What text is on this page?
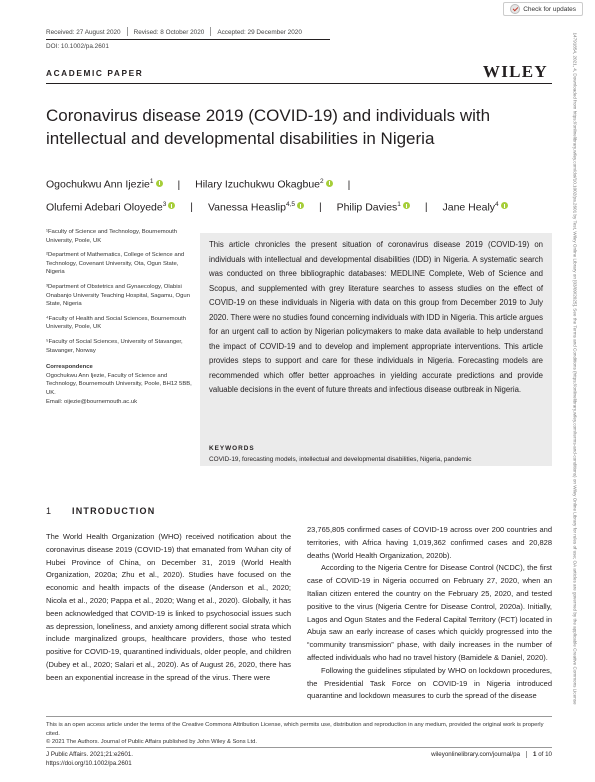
Received: 27 August 2020 Revised: 8 October 2020 Accepted: 29 December 2020
DOI: 10.1002/pa.2601
Check for updates
ACADEMIC PAPER	WILEY
Coronavirus disease 2019 (COVID-19) and individuals with intellectual and developmental disabilities in Nigeria
Ogochukwu Ann Ijezie$^1$ | Hilary Izuchukwu Okagbue$^2$ |
Olufemi Adebari Oloyede$^3$ | Vanessa Heaslip$^{4,5}$ | Philip Davies$^1$ | Jane Healy$^4$

¹Faculty of Science and Technology, Bournemouth University, Poole, UK

²Department of Mathematics, College of Science and Technology, Covenant University, Ota, Ogun State, Nigeria

³Department of Obstetrics and Gynaecology, Olabisi Onabanjo University Teaching Hospital, Sagamu, Ogun State, Nigeria

⁴Faculty of Health and Social Sciences, Bournemouth University, Poole, UK

⁵Faculty of Social Sciences, University of Stavanger, Stavanger, Norway

Correspondence

Ogochukwu Ann Ijezie, Faculty of Science and Technology, Bournemouth University, Poole, BH12 5BB, UK.

Email: oijezie@bournemouth.ac.uk

This article chronicles the present situation of coronavirus disease 2019 (COVID-19) on individuals with intellectual and developmental disabilities (IDD) in Nigeria. A systematic search was conducted on three bibliographic databases: MEDLINE Complete, Web of Science and Scopus, and supplemented with grey literature searches to assess studies on the effect of COVID-19 on these individuals in Nigeria with data on this group from December 2019 to July 2020. There were no studies found concerning individuals with IDD in Nigeria. This article argues for an urgent call to action by Nigerian policymakers to make data available to help understand the impact of COVID-19 and to develop and implement appropriate interventions. This article provides steps to support and care for these individuals in Nigeria. Forecasting models are recommended which offer better approaches in yielding accurate predictions and provide valuable decisions in the event of future threats and infectious disease outbreak in Nigeria.
KEYWORDS
COVID-19, forecasting models, intellectual and developmental disabilities, Nigeria, pandemic
1 INTRODUCTION

The World Health Organization (WHO) received notification about the coronavirus disease 2019 (COVID-19) that emanated from Wuhan city of Hubei Province of China, on December 31, 2019 (World Health Organization, 2020a; Zhu et al., 2020). Studies have focused on the economic and health impacts of the disease (Anderson et al., 2020; Nicola et al., 2020; Pappa et al., 2020; Wang et al., 2020). Globally, it has been acknowledged that COVID-19 is linked to psychosocial issues such as depression, loneliness, and anxiety among different social strata which include marginalized groups, healthcare providers, those who tested positive for COVID-19, quarantined individuals, older people, and children (Dubey et al., 2020; Salari et al., 2020). As of August 26, 2020, there has been an exponential increase in the spread of the virus. There were

23,765,805 confirmed cases of COVID-19 across over 200 countries and territories, with Africa having 1,019,362 confirmed cases and 20,828 deaths (World Health Organization, 2020b).

According to the Nigeria Centre for Disease Control (NCDC), the first case of COVID-19 in Nigeria occurred on February 27, 2020, when an Italian citizen entered the country on the February 25, 2020, and tested positive to the virus (Nigeria Centre for Disease Control, 2020a). Initially, Lagos and Ogun States and the Federal Capital Territory (FCT) located in Abuja saw an early increase of cases which quickly progressed into the “community transmission” phase, with daily increases in the number of affected individuals who had no travel history (Bamidele & Daniel, 2020).

Following the guidelines stipulated by WHO on lockdown procedures, the Presidential Task Force on COVID-19 in Nigeria introduced quarantine and lockdown measures to curb the spread of the disease

This is an open access article under the terms of the Creative Commons Attribution License, which permits use, distribution and reproduction in any medium, provided the original work is properly cited.
© 2021 The Authors. Journal of Public Affairs published by John Wiley & Sons Ltd.
J Public Affairs. 2021;21:e2601.
https://doi.org/10.1002/pa.2601
wileyonlinelibrary.com/journal/pa 1 of 10
14791854, 2021, 4, Downloaded from https://onlinelibrary.wiley.com/doi/10.1002/pa.2601 by Test, Wiley Online Library on [03/09/2025]. See the Terms and Conditions (https://onlinelibrary.wiley.com/terms-and-conditions) on Wiley Online Library for rules of use; OA articles are governed by the applicable Creative Commons License
